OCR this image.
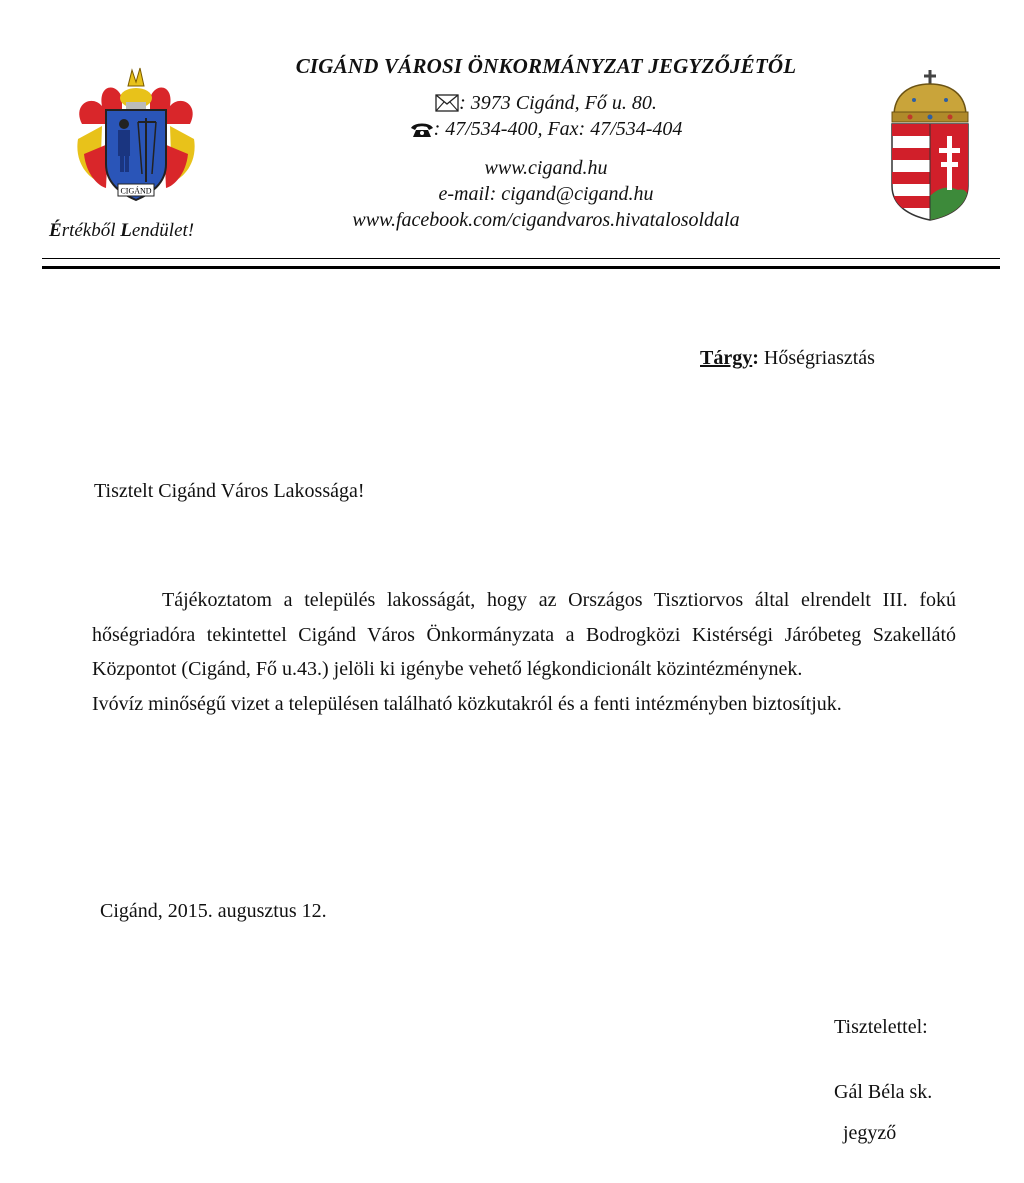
CIGÁND
CIGÁND VÁROSI ÖNKORMÁNYZAT JEGYZŐJÉTŐL
: 3973 Cigánd, Fő u. 80.
: 47/534-400, Fax: 47/534-404
www.cigand.hu
e-mail: cigand@cigand.hu
www.facebook.com/cigandvaros.hivatalosoldala
Értékből Lendület!
Tárgy: Hőségriasztás
Tisztelt Cigánd Város Lakossága!

Tájékoztatom a település lakosságát, hogy az Országos Tisztiorvos által elrendelt III. fokú hőségriadóra tekintettel Cigánd Város Önkormányzata a Bodrogközi Kistérségi Járóbeteg Szakellátó Központot (Cigánd, Fő u.43.) jelöli ki igénybe vehető légkondicionált közintézménynek.

Ivóvíz minőségű vizet a településen található közkutakról és a fenti intézményben biztosítjuk.

Cigánd, 2015. augusztus 12.
Tisztelettel:
Gál Béla sk.
jegyző
